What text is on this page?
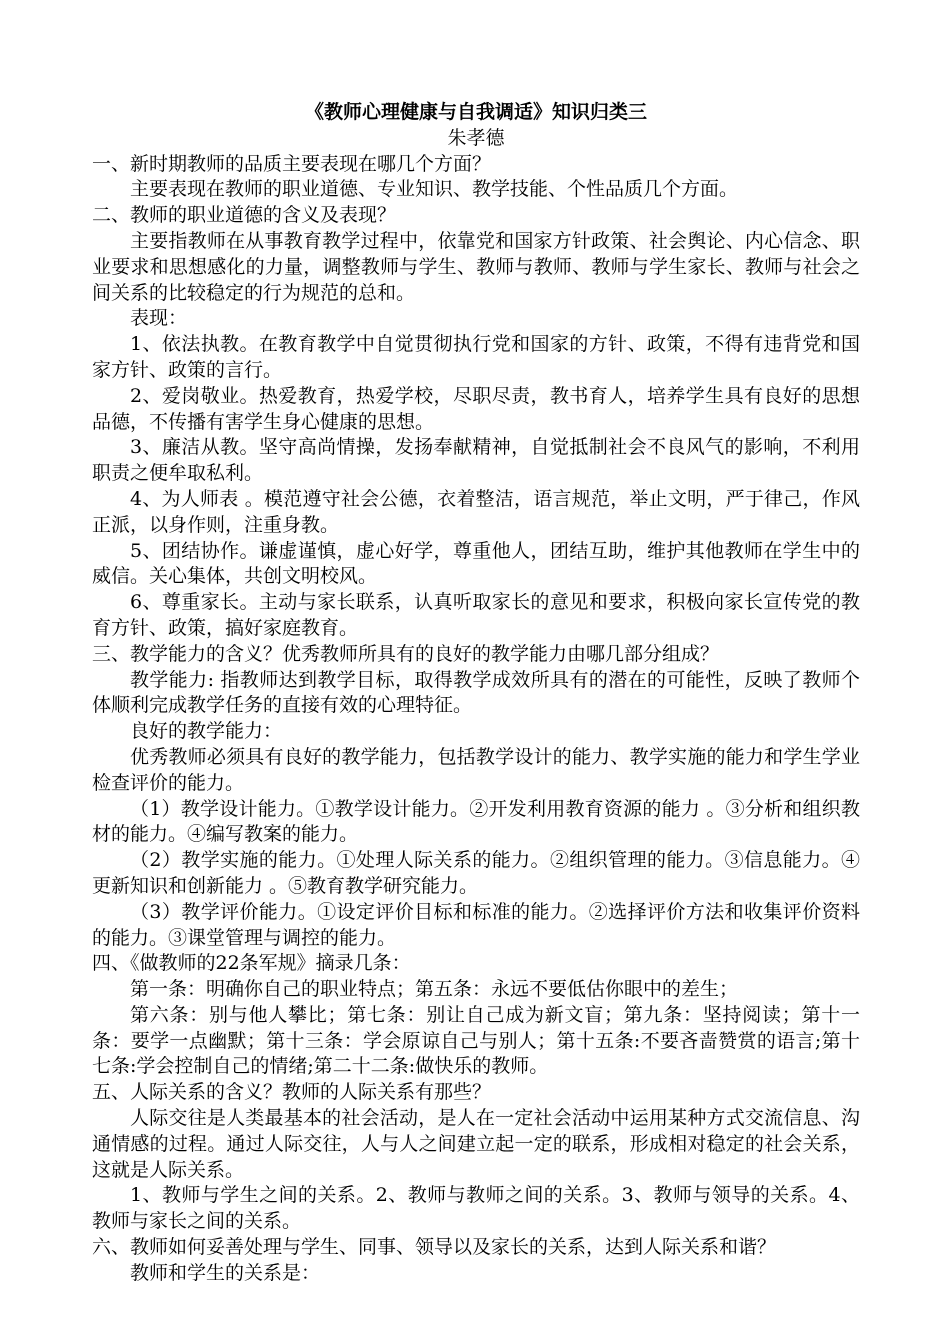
《教师心理健康与自我调适》知识归类三
朱孝德
一、新时期教师的品质主要表现在哪几个方面？
主要表现在教师的职业道德、专业知识、教学技能、个性品质几个方面。
二、教师的职业道德的含义及表现？
主要指教师在从事教育教学过程中，依靠党和国家方针政策、社会舆论、内心信念、职业要求和思想感化的力量，调整教师与学生、教师与教师、教师与学生家长、教师与社会之间关系的比较稳定的行为规范的总和。
表现：
1、依法执教。在教育教学中自觉贯彻执行党和国家的方针、政策，不得有违背党和国家方针、政策的言行。
2、爱岗敬业。热爱教育，热爱学校，尽职尽责，教书育人，培养学生具有良好的思想品德，不传播有害学生身心健康的思想。
3、廉洁从教。坚守高尚情操，发扬奉献精神，自觉抵制社会不良风气的影响，不利用职责之便牟取私利。
4、为人师表 。模范遵守社会公德，衣着整洁，语言规范，举止文明，严于律己，作风正派，以身作则，注重身教。
5、团结协作。谦虚谨慎，虚心好学，尊重他人，团结互助，维护其他教师在学生中的威信。关心集体，共创文明校风。
6、尊重家长。主动与家长联系，认真听取家长的意见和要求，积极向家长宣传党的教育方针、政策，搞好家庭教育。
三、教学能力的含义？优秀教师所具有的良好的教学能力由哪几部分组成？
教学能力: 指教师达到教学目标，取得教学成效所具有的潜在的可能性，反映了教师个体顺利完成教学任务的直接有效的心理特征。
良好的教学能力：
优秀教师必须具有良好的教学能力，包括教学设计的能力、教学实施的能力和学生学业检查评价的能力。
（1）教学设计能力。①教学设计能力。②开发利用教育资源的能力 。③分析和组织教材的能力。④编写教案的能力。
（2）教学实施的能力。①处理人际关系的能力。②组织管理的能力。③信息能力。④更新知识和创新能力 。⑤教育教学研究能力。
（3）教学评价能力。①设定评价目标和标准的能力。②选择评价方法和收集评价资料的能力。③课堂管理与调控的能力。
四、《做教师的22条军规》摘录几条：
第一条：明确你自己的职业特点；第五条：永远不要低估你眼中的差生；
第六条：别与他人攀比；第七条：别让自己成为新文盲；第九条：坚持阅读；第十一条：要学一点幽默；第十三条：学会原谅自己与别人；第十五条:不要吝啬赞赏的语言;第十七条:学会控制自己的情绪;第二十二条:做快乐的教师。
五、人际关系的含义？教师的人际关系有那些？
人际交往是人类最基本的社会活动，是人在一定社会活动中运用某种方式交流信息、沟通情感的过程。通过人际交往，人与人之间建立起一定的联系，形成相对稳定的社会关系，这就是人际关系。
1、教师与学生之间的关系。2、教师与教师之间的关系。3、教师与领导的关系。4、教师与家长之间的关系。
六、教师如何妥善处理与学生、同事、领导以及家长的关系，达到人际关系和谐？
教师和学生的关系是：
